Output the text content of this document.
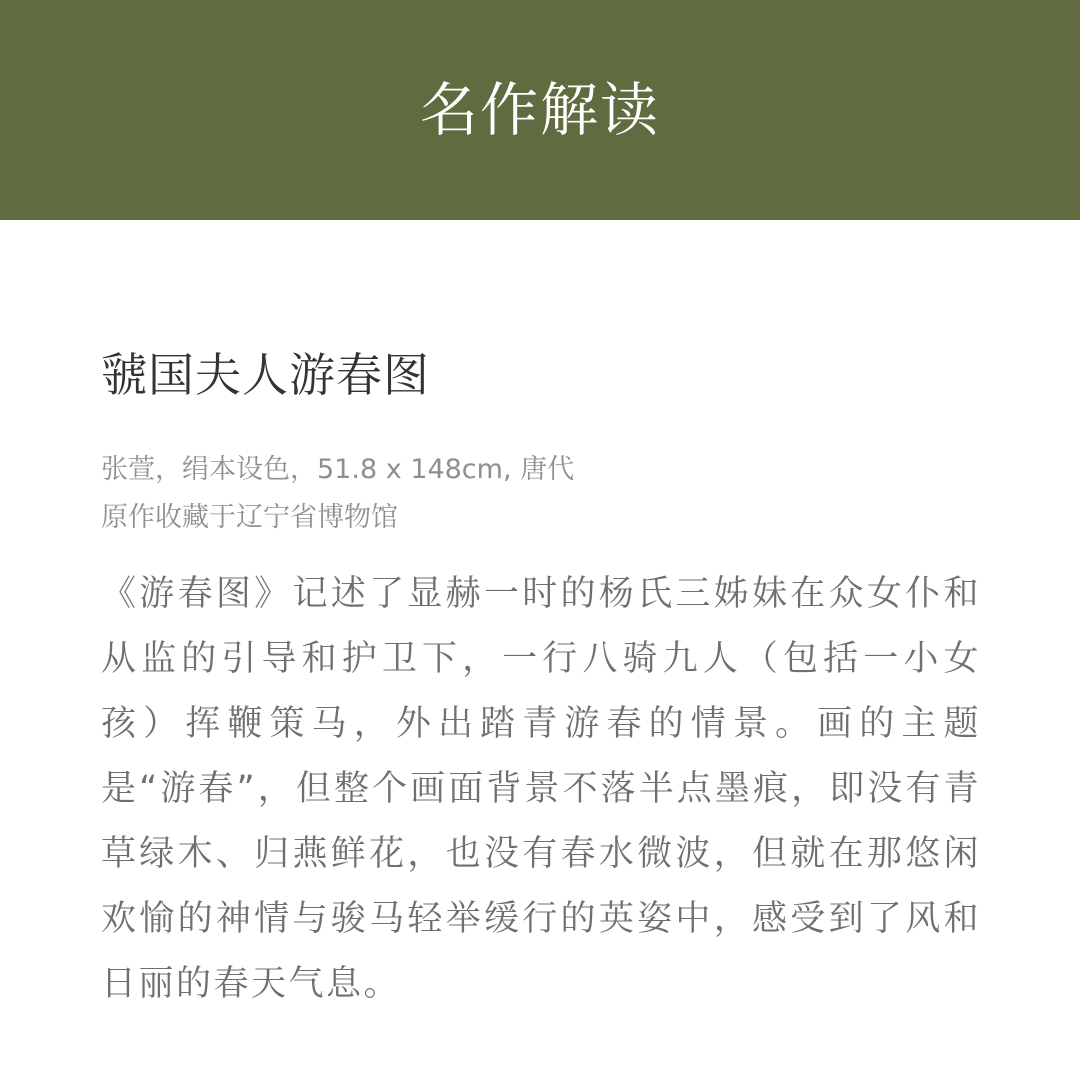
名作解读
虢国夫人游春图
张萱，绢本设色，51.8 x 148cm, 唐代
原作收藏于辽宁省博物馆
《游春图》记述了显赫一时的杨氏三姊妹在众女仆和从监的引导和护卫下，一行八骑九人（包括一小女孩）挥鞭策马，外出踏青游春的情景。画的主题是“游春”，但整个画面背景不落半点墨痕，即没有青草绿木、归燕鲜花，也没有春水微波，但就在那悠闲欢愉的神情与骏马轻举缓行的英姿中，感受到了风和日丽的春天气息。
